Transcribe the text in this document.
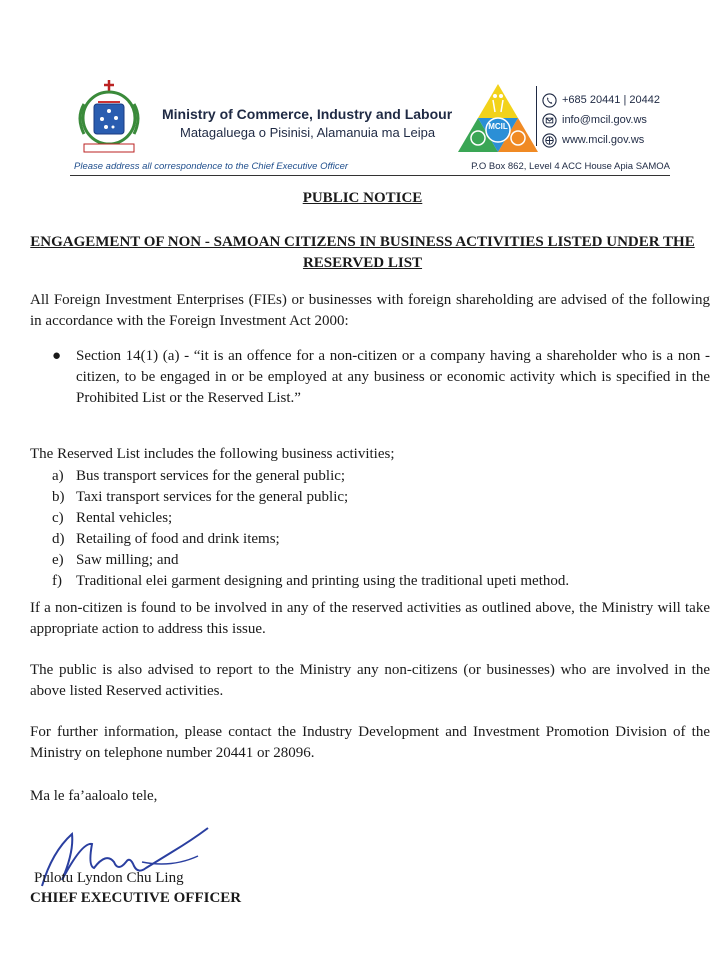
Ministry of Commerce, Industry and Labour
Matagaluega o Pisinisi, Alamanuia ma Leipa	MCIL
+685 20441 | 20442
info@mcil.gov.ws
www.mcil.gov.ws
Please address all correspondence to the Chief Executive Officer	P.O Box 862, Level 4 ACC House Apia SAMOA
PUBLIC NOTICE
ENGAGEMENT OF NON - SAMOAN CITIZENS IN BUSINESS ACTIVITIES LISTED UNDER THE RESERVED LIST
All Foreign Investment Enterprises (FIEs) or businesses with foreign shareholding are advised of the following in accordance with the Foreign Investment Act 2000:
● Section 14(1) (a) - “it is an offence for a non-citizen or a company having a shareholder who is a non - citizen, to be engaged in or be employed at any business or economic activity which is specified in the Prohibited List or the Reserved List.”
The Reserved List includes the following business activities;
a) Bus transport services for the general public;
b) Taxi transport services for the general public;
c) Rental vehicles;
d) Retailing of food and drink items;
e) Saw milling; and
f) Traditional elei garment designing and printing using the traditional upeti method.
If a non-citizen is found to be involved in any of the reserved activities as outlined above, the Ministry will take appropriate action to address this issue.
The public is also advised to report to the Ministry any non-citizens (or businesses) who are involved in the above listed Reserved activities.
For further information, please contact the Industry Development and Investment Promotion Division of the Ministry on telephone number 20441 or 28096.
Ma le fa’aaloalo tele,
Pulotu Lyndon Chu Ling
CHIEF EXECUTIVE OFFICER
